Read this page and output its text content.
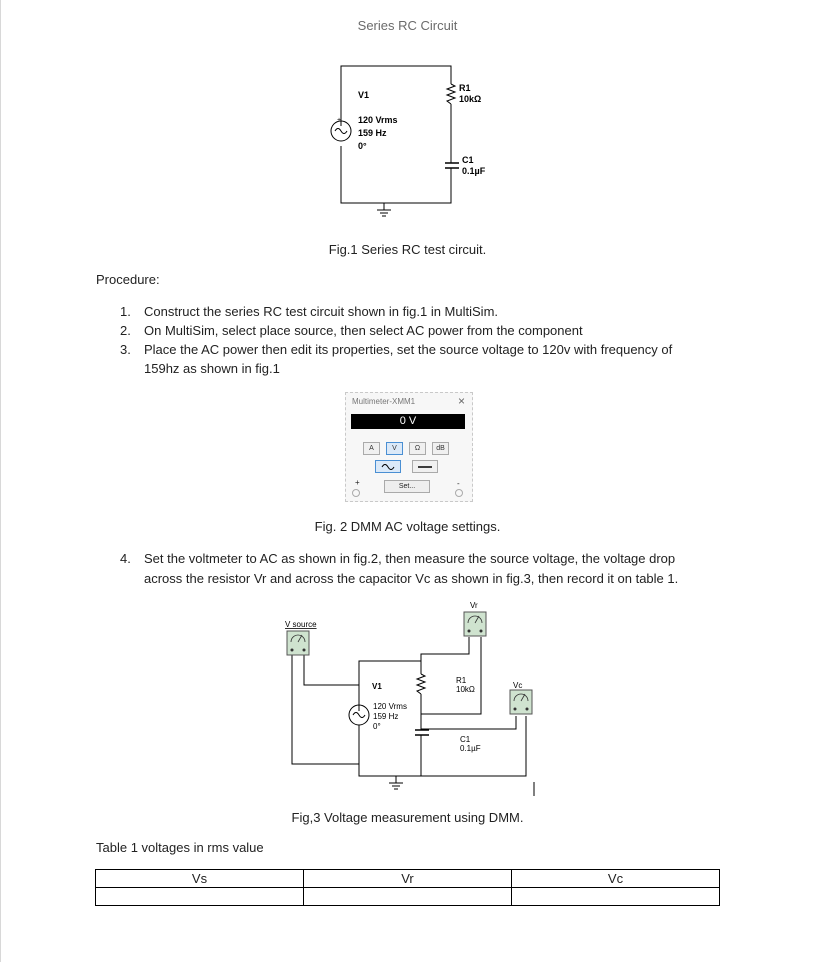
Series RC Circuit
+
V1
120 Vrms
159 Hz
0°
R1
10kΩ
C1
0.1µF
Fig.1 Series RC test circuit.
Procedure:
1. Construct the series RC test circuit shown in fig.1 in MultiSim.
2. On MultiSim, select place source, then select AC power from the component
3. Place the AC power then edit its properties, set the source voltage to 120v with frequency of
159hz as shown in fig.1
4. Set the voltmeter to AC as shown in fig.2, then measure the source voltage, the voltage drop
across the resistor Vr and across the capacitor Vc as shown in fig.3, then record it on table 1.
Multimeter-XMM1	×
0 V
A	V	Ω	dB
+	Set...	-
Fig. 2 DMM AC voltage settings.
V source
Vr
Vc
V1
120 Vrms
159 Hz
0°
R1
10kΩ
C1
0.1µF
Fig,3 Voltage measurement using DMM.
Table 1 voltages in rms value
Vs	Vr	Vc
